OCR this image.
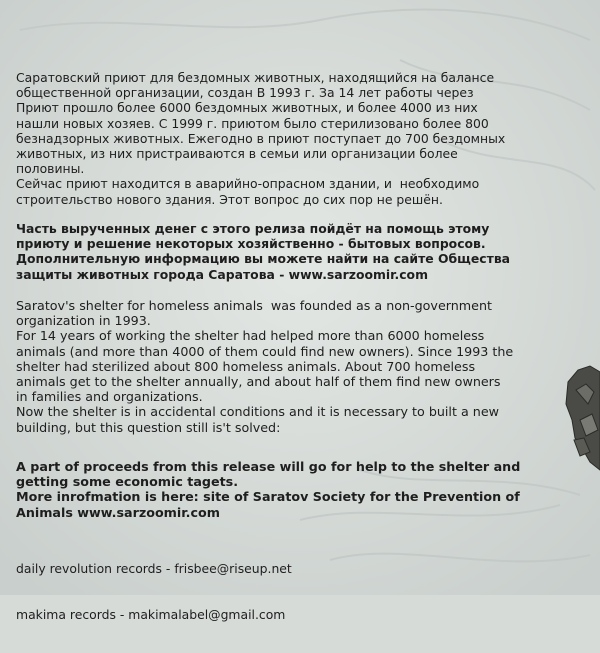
Саратовский приют для бездомных животных, находящийся на балансе
общественной организации, создан В 1993 г. За 14 лет работы через
Приют прошло более 6000 бездомных животных, и более 4000 из них
нашли новых хозяев. С 1999 г. приютом было стерилизовано более 800
безнадзорных животных. Ежегодно в приют поступает до 700 бездомных
животных, из них пристраиваются в семьи или организации более
половины.
Сейчас приют находится в аварийно-опрасном здании, и  необходимо
строительство нового здания. Этот вопрос до сих пор не решён.
Часть вырученных денег с этого релиза пойдёт на помощь этому
приюту и решение некоторых хозяйственно - бытовых вопросов.
Дополнительную информацию вы можете найти на сайте Общества
защиты животных города Саратова - www.sarzoomir.com
Saratov's shelter for homeless animals  was founded as a non-government
organization in 1993.
For 14 years of working the shelter had helped more than 6000 homeless
animals (and more than 4000 of them could find new owners). Since 1993 the
shelter had sterilized about 800 homeless animals. About 700 homeless
animals get to the shelter annually, and about half of them find new owners
in families and organizations.
Now the shelter is in accidental conditions and it is necessary to built a new
building, but this question still is't solved:
A part of proceeds from this release will go for help to the shelter and
getting some economic tagets.
More inrofmation is here: site of Saratov Society for the Prevention of
Animals www.sarzoomir.com

daily revolution records - frisbee@riseup.net

makima records - makimalabel@gmail.com
